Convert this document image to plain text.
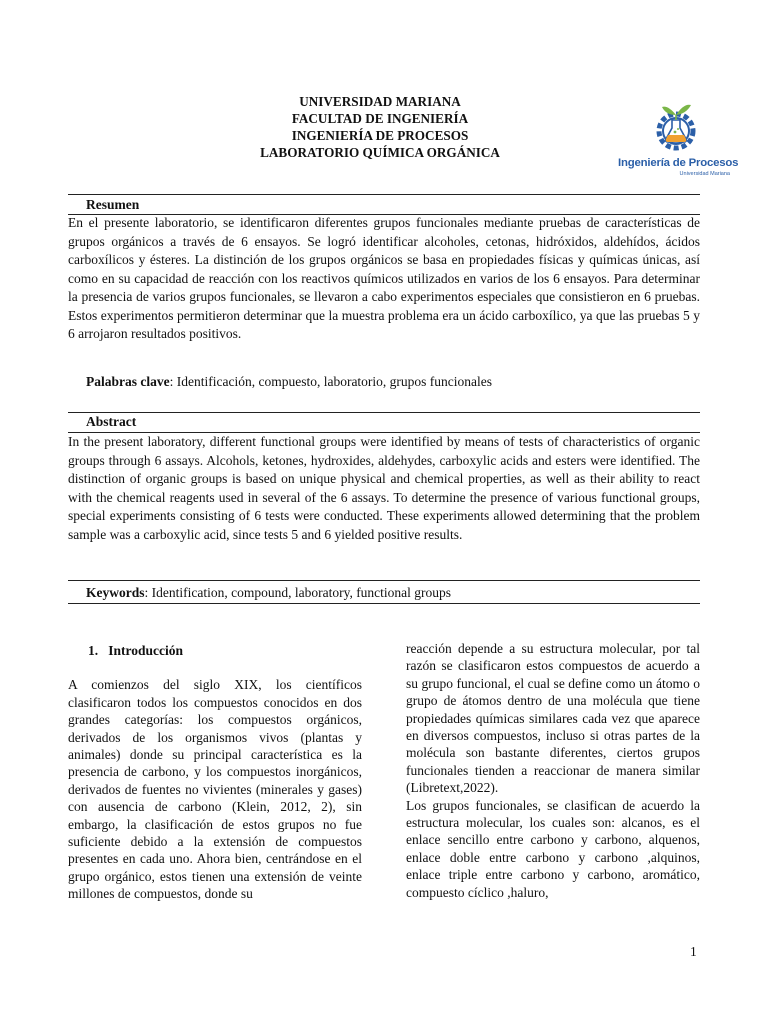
UNIVERSIDAD MARIANA
FACULTAD DE INGENIERÍA
INGENIERÍA DE PROCESOS
LABORATORIO QUÍMICA ORGÁNICA
Ingeniería de Procesos
Universidad Mariana
Resumen
En el presente laboratorio, se identificaron diferentes grupos funcionales mediante pruebas de características de grupos orgánicos a través de 6 ensayos. Se logró identificar alcoholes, cetonas, hidróxidos, aldehídos, ácidos carboxílicos y ésteres. La distinción de los grupos orgánicos se basa en propiedades físicas y químicas únicas, así como en su capacidad de reacción con los reactivos químicos utilizados en varios de los 6 ensayos. Para determinar la presencia de varios grupos funcionales, se llevaron a cabo experimentos especiales que consistieron en 6 pruebas. Estos experimentos permitieron determinar que la muestra problema era un ácido carboxílico, ya que las pruebas 5 y 6 arrojaron resultados positivos.
Palabras clave: Identificación, compuesto, laboratorio, grupos funcionales
Abstract
In the present laboratory, different functional groups were identified by means of tests of characteristics of organic groups through 6 assays. Alcohols, ketones, hydroxides, aldehydes, carboxylic acids and esters were identified. The distinction of organic groups is based on unique physical and chemical properties, as well as their ability to react with the chemical reagents used in several of the 6 assays. To determine the presence of various functional groups, special experiments consisting of 6 tests were conducted. These experiments allowed determining that the problem sample was a carboxylic acid, since tests 5 and 6 yielded positive results.
Keywords: Identification, compound, laboratory, functional groups
1.   Introducción

A comienzos del siglo XIX, los científicos clasificaron todos los compuestos conocidos en dos grandes categorías: los compuestos orgánicos, derivados de los organismos vivos (plantas y animales) donde su principal característica es la presencia de carbono, y los compuestos inorgánicos, derivados de fuentes no vivientes (minerales y gases) con ausencia de carbono (Klein, 2012, 2), sin embargo, la clasificación de estos grupos no fue suficiente debido a la extensión de compuestos presentes en cada uno. Ahora bien, centrándose en el grupo orgánico, estos tienen una extensión de veinte millones de compuestos, donde su

reacción depende a su estructura molecular, por tal razón se clasificaron estos compuestos de acuerdo a su grupo funcional, el cual se define como un átomo o grupo de átomos dentro de una molécula que tiene propiedades químicas similares cada vez que aparece en diversos compuestos, incluso si otras partes de la molécula son bastante diferentes, ciertos grupos funcionales tienden a reaccionar de manera similar (Libretext,2022).

Los grupos funcionales, se clasifican de acuerdo la estructura molecular, los cuales son: alcanos, es el enlace sencillo entre carbono y carbono, alquenos, enlace doble entre carbono y carbono ,alquinos, enlace triple entre carbono y carbono, aromático, compuesto cíclico ,haluro,

1
